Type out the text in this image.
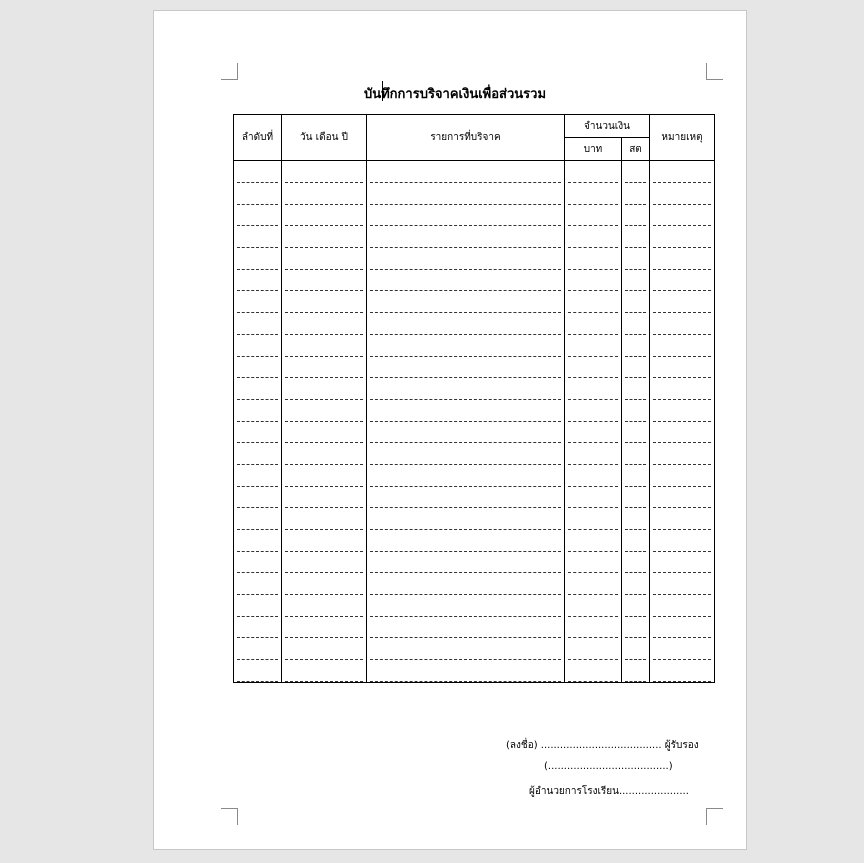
บันทึกการบริจาคเงินเพื่อส่วนรวม
ลำดับที่	วัน เดือน ปี	รายการที่บริจาค	จำนวนเงิน		หมายเหตุ
			บาท	สต	

(ลงชื่อ) ...................................... ผู้รับรอง
(......................................)
ผู้อำนวยการโรงเรียน......................
